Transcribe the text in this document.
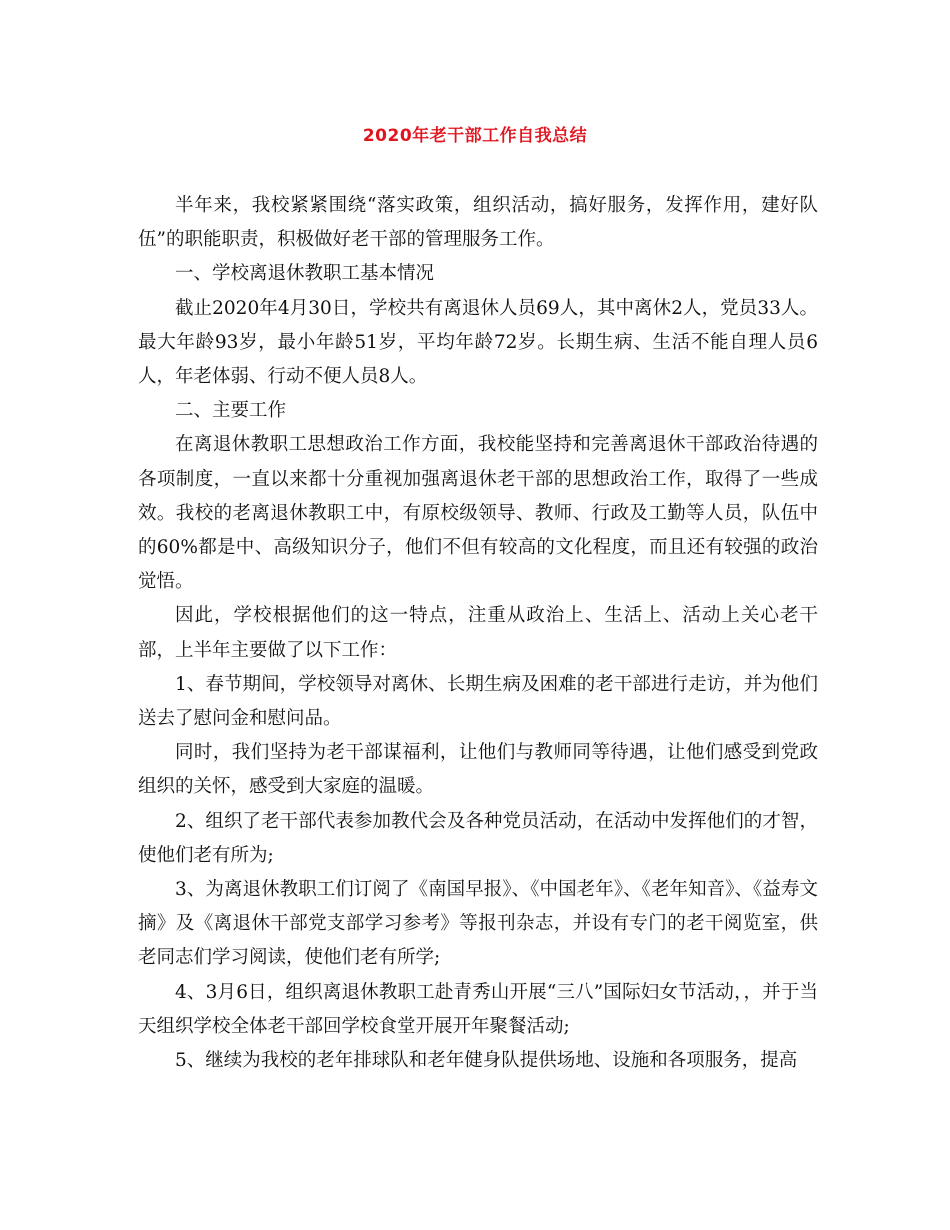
2020年老干部工作自我总结

半年来，我校紧紧围绕“落实政策，组织活动，搞好服务，发挥作用，建好队伍”的职能职责，积极做好老干部的管理服务工作。

一、学校离退休教职工基本情况

截止2020年4月30日，学校共有离退休人员69人，其中离休2人，党员33人。最大年龄93岁，最小年龄51岁，平均年龄72岁。长期生病、生活不能自理人员6人，年老体弱、行动不便人员8人。

二、主要工作

在离退休教职工思想政治工作方面，我校能坚持和完善离退休干部政治待遇的各项制度，一直以来都十分重视加强离退休老干部的思想政治工作，取得了一些成效。我校的老离退休教职工中，有原校级领导、教师、行政及工勤等人员，队伍中的60%都是中、高级知识分子，他们不但有较高的文化程度，而且还有较强的政治觉悟。

因此，学校根据他们的这一特点，注重从政治上、生活上、活动上关心老干部，上半年主要做了以下工作：

1、春节期间，学校领导对离休、长期生病及困难的老干部进行走访，并为他们送去了慰问金和慰问品。

同时，我们坚持为老干部谋福利，让他们与教师同等待遇，让他们感受到党政组织的关怀，感受到大家庭的温暖。

2、组织了老干部代表参加教代会及各种党员活动，在活动中发挥他们的才智，使他们老有所为;

3、为离退休教职工们订阅了《南国早报》、《中国老年》、《老年知音》、《益寿文摘》及《离退休干部党支部学习参考》等报刊杂志，并设有专门的老干阅览室，供老同志们学习阅读，使他们老有所学;

4、3月6日，组织离退休教职工赴青秀山开展“三八”国际妇女节活动，，并于当天组织学校全体老干部回学校食堂开展开年聚餐活动;

5、继续为我校的老年排球队和老年健身队提供场地、设施和各项服务，提高
